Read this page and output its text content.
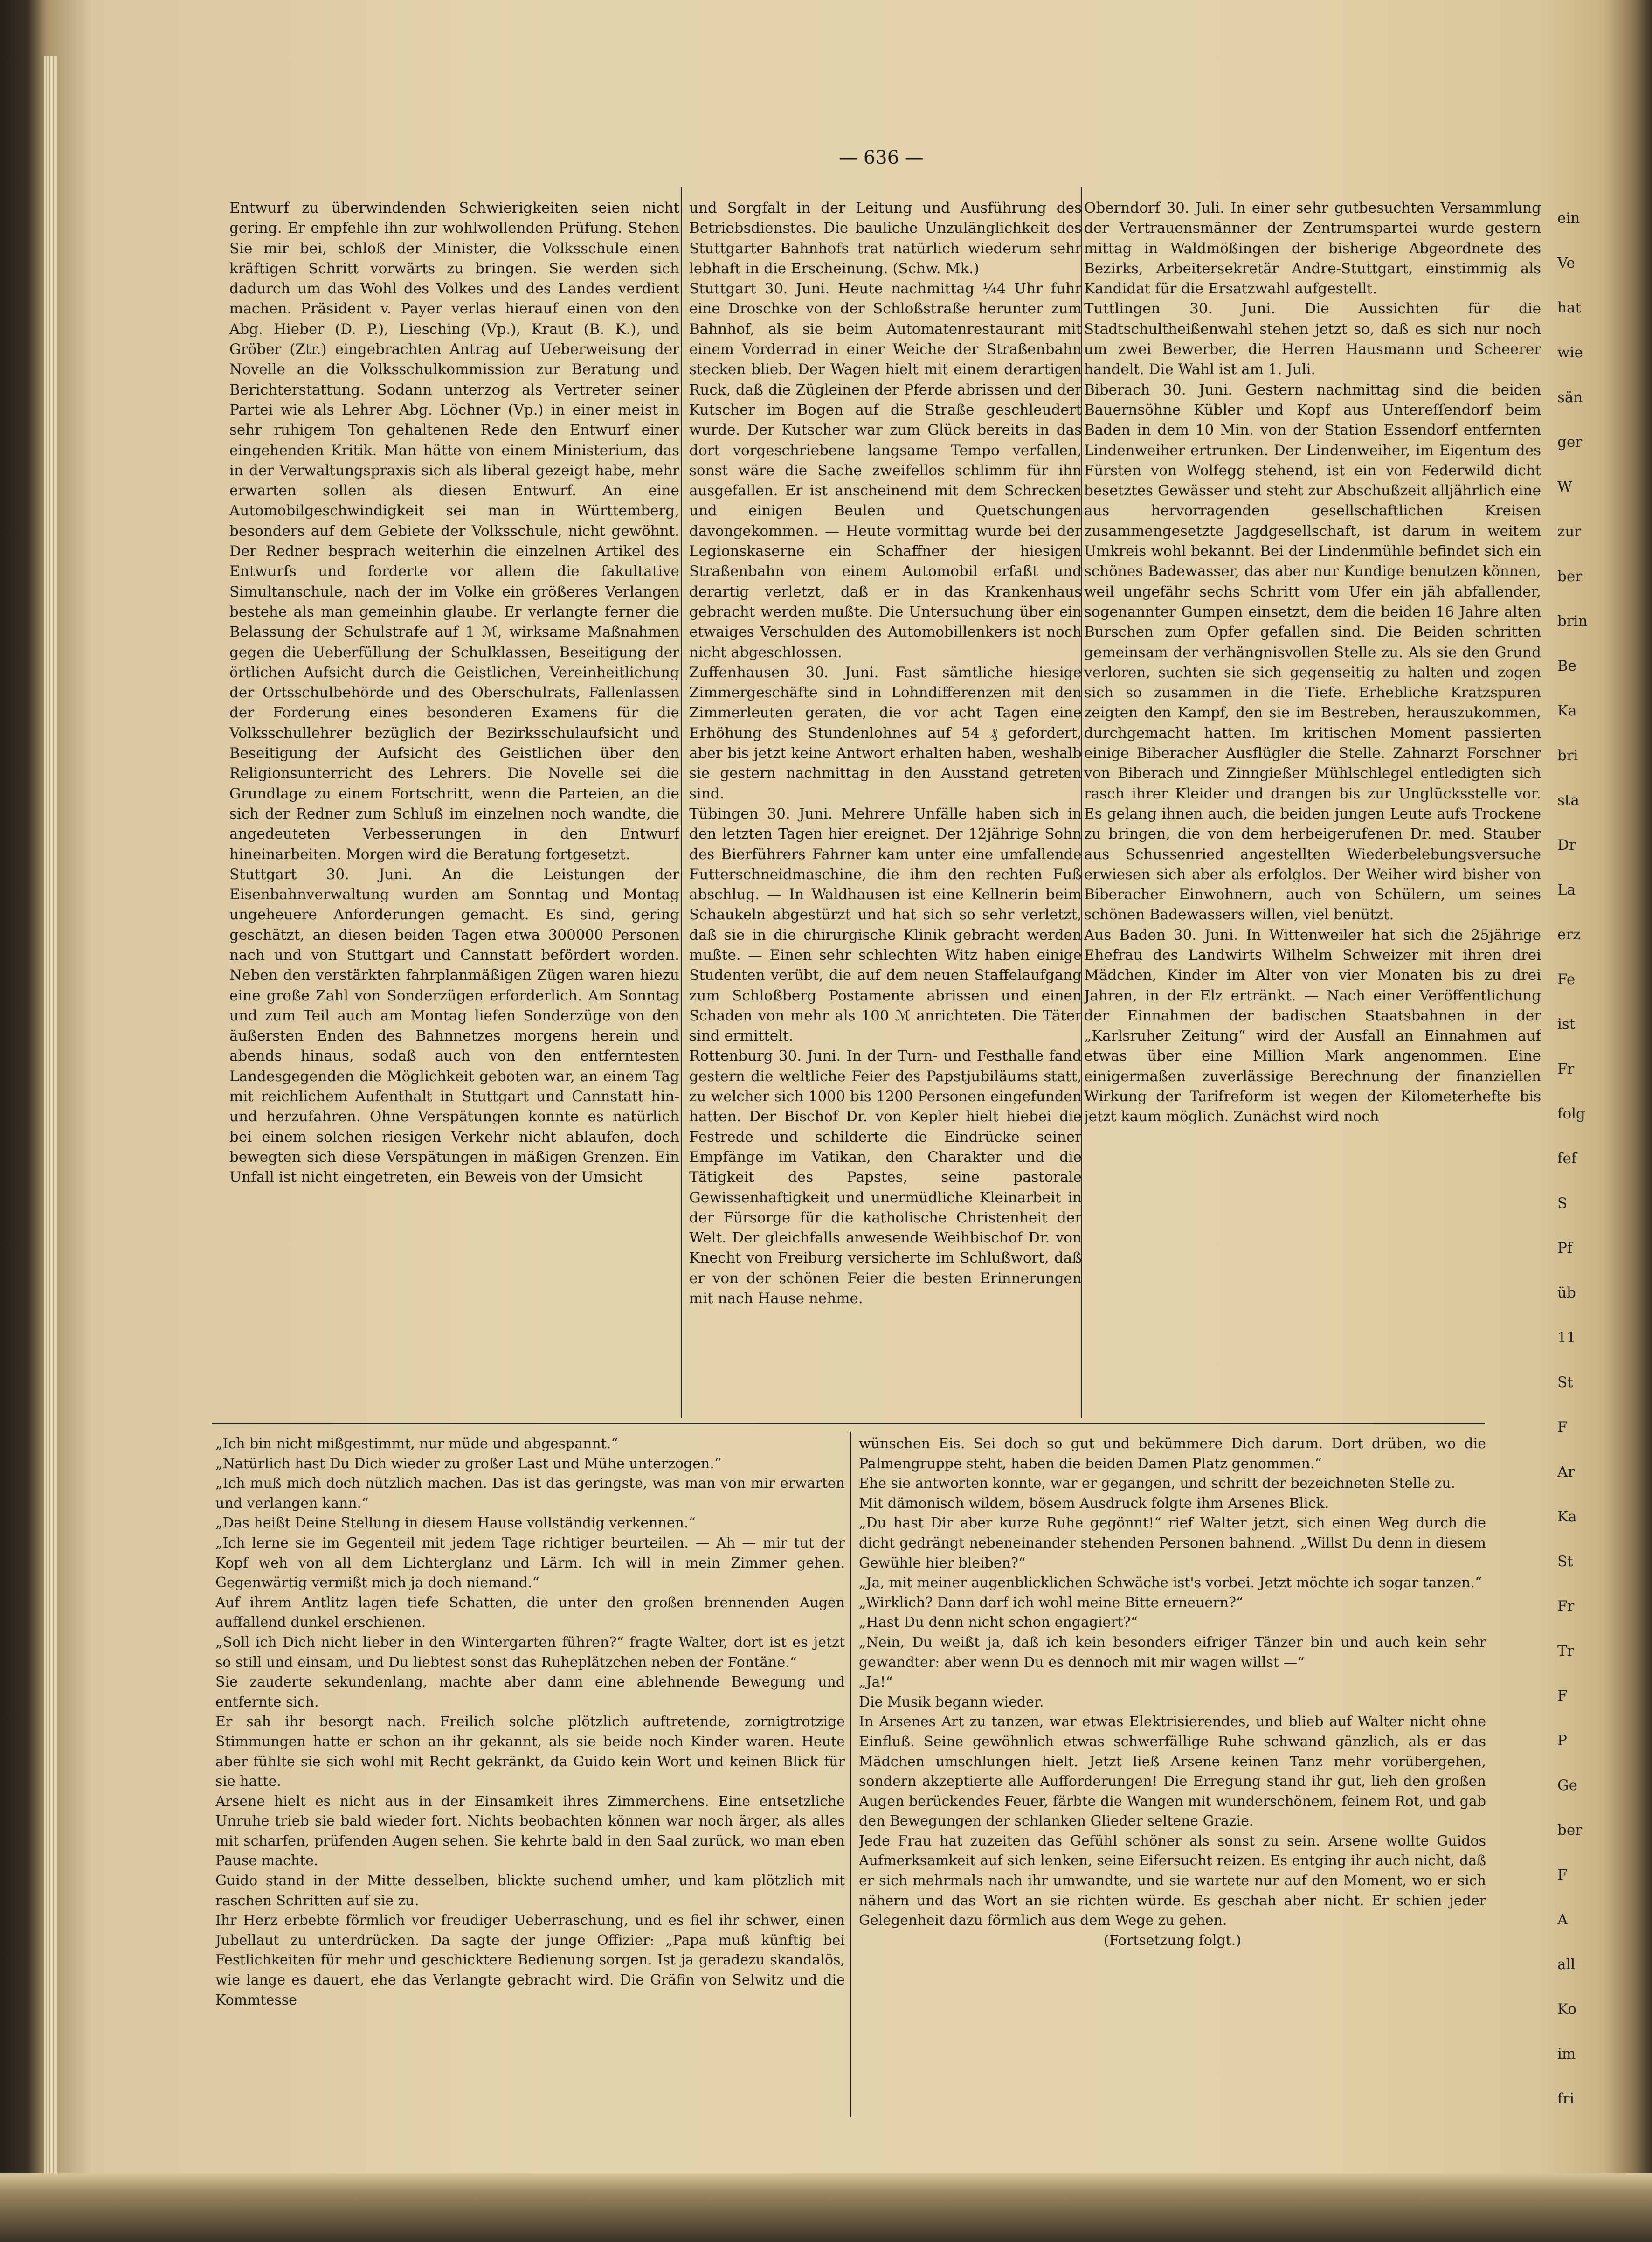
— 636 —

Entwurf zu überwindenden Schwierigkeiten seien nicht gering. Er empfehle ihn zur wohlwollenden Prüfung. Stehen Sie mir bei, schloß der Minister, die Volksschule einen kräftigen Schritt vorwärts zu bringen. Sie werden sich dadurch um das Wohl des Volkes und des Landes verdient machen. Präsident v. Payer verlas hierauf einen von den Abg. Hieber (D. P.), Liesching (Vp.), Kraut (B. K.), und Gröber (Ztr.) eingebrachten Antrag auf Ueberweisung der Novelle an die Volksschulkommission zur Beratung und Berichterstattung. Sodann unterzog als Vertreter seiner Partei wie als Lehrer Abg. Löchner (Vp.) in einer meist in sehr ruhigem Ton gehaltenen Rede den Entwurf einer eingehenden Kritik. Man hätte von einem Ministerium, das in der Verwaltungspraxis sich als liberal gezeigt habe, mehr erwarten sollen als diesen Entwurf. An eine Automobilgeschwindigkeit sei man in Württemberg, besonders auf dem Gebiete der Volksschule, nicht gewöhnt. Der Redner besprach weiterhin die einzelnen Artikel des Entwurfs und forderte vor allem die fakultative Simultanschule, nach der im Volke ein größeres Verlangen bestehe als man gemeinhin glaube. Er verlangte ferner die Belassung der Schulstrafe auf 1 ℳ, wirksame Maßnahmen gegen die Ueberfüllung der Schulklassen, Beseitigung der örtlichen Aufsicht durch die Geistlichen, Vereinheitlichung der Ortsschulbehörde und des Oberschulrats, Fallenlassen der Forderung eines besonderen Examens für die Volksschullehrer bezüglich der Bezirksschulaufsicht und Beseitigung der Aufsicht des Geistlichen über den Religionsunterricht des Lehrers. Die Novelle sei die Grundlage zu einem Fortschritt, wenn die Parteien, an die sich der Redner zum Schluß im einzelnen noch wandte, die angedeuteten Verbesserungen in den Entwurf hineinarbeiten. Morgen wird die Beratung fortgesetzt.

Stuttgart 30. Juni. An die Leistungen der Eisenbahnverwaltung wurden am Sonntag und Montag ungeheuere Anforderungen gemacht. Es sind, gering geschätzt, an diesen beiden Tagen etwa 300000 Personen nach und von Stuttgart und Cannstatt befördert worden. Neben den verstärkten fahrplanmäßigen Zügen waren hiezu eine große Zahl von Sonderzügen erforderlich. Am Sonntag und zum Teil auch am Montag liefen Sonderzüge von den äußersten Enden des Bahnnetzes morgens herein und abends hinaus, sodaß auch von den entferntesten Landesgegenden die Möglichkeit geboten war, an einem Tag mit reichlichem Aufenthalt in Stuttgart und Cannstatt hin- und herzufahren. Ohne Verspätungen konnte es natürlich bei einem solchen riesigen Verkehr nicht ablaufen, doch bewegten sich diese Verspätungen in mäßigen Grenzen. Ein Unfall ist nicht eingetreten, ein Beweis von der Umsicht

und Sorgfalt in der Leitung und Ausführung des Betriebsdienstes. Die bauliche Unzulänglichkeit des Stuttgarter Bahnhofs trat natürlich wiederum sehr lebhaft in die Erscheinung. (Schw. Mk.)

Stuttgart 30. Juni. Heute nachmittag ¼4 Uhr fuhr eine Droschke von der Schloßstraße herunter zum Bahnhof, als sie beim Automatenrestaurant mit einem Vorderrad in einer Weiche der Straßenbahn stecken blieb. Der Wagen hielt mit einem derartigen Ruck, daß die Zügleinen der Pferde abrissen und der Kutscher im Bogen auf die Straße geschleudert wurde. Der Kutscher war zum Glück bereits in das dort vorgeschriebene langsame Tempo verfallen, sonst wäre die Sache zweifellos schlimm für ihn ausgefallen. Er ist anscheinend mit dem Schrecken und einigen Beulen und Quetschungen davongekommen. — Heute vormittag wurde bei der Legionskaserne ein Schaffner der hiesigen Straßenbahn von einem Automobil erfaßt und derartig verletzt, daß er in das Krankenhaus gebracht werden mußte. Die Untersuchung über ein etwaiges Verschulden des Automobillenkers ist noch nicht abgeschlossen.

Zuffenhausen 30. Juni. Fast sämtliche hiesige Zimmergeschäfte sind in Lohndifferenzen mit den Zimmerleuten geraten, die vor acht Tagen eine Erhöhung des Stundenlohnes auf 54 ₰ gefordert, aber bis jetzt keine Antwort erhalten haben, weshalb sie gestern nachmittag in den Ausstand getreten sind.

Tübingen 30. Juni. Mehrere Unfälle haben sich in den letzten Tagen hier ereignet. Der 12jährige Sohn des Bierführers Fahrner kam unter eine umfallende Futterschneidmaschine, die ihm den rechten Fuß abschlug. — In Waldhausen ist eine Kellnerin beim Schaukeln abgestürzt und hat sich so sehr verletzt, daß sie in die chirurgische Klinik gebracht werden mußte. — Einen sehr schlechten Witz haben einige Studenten verübt, die auf dem neuen Staffelaufgang zum Schloßberg Postamente abrissen und einen Schaden von mehr als 100 ℳ anrichteten. Die Täter sind ermittelt.

Rottenburg 30. Juni. In der Turn- und Festhalle fand gestern die weltliche Feier des Papstjubiläums statt, zu welcher sich 1000 bis 1200 Personen eingefunden hatten. Der Bischof Dr. von Kepler hielt hiebei die Festrede und schilderte die Eindrücke seiner Empfänge im Vatikan, den Charakter und die Tätigkeit des Papstes, seine pastorale Gewissenhaftigkeit und unermüdliche Kleinarbeit in der Fürsorge für die katholische Christenheit der Welt. Der gleichfalls anwesende Weihbischof Dr. von Knecht von Freiburg versicherte im Schlußwort, daß er von der schönen Feier die besten Erinnerungen mit nach Hause nehme.

Oberndorf 30. Juli. In einer sehr gutbesuchten Versammlung der Vertrauensmänner der Zentrumspartei wurde gestern mittag in Waldmößingen der bisherige Abgeordnete des Bezirks, Arbeitersekretär Andre-Stuttgart, einstimmig als Kandidat für die Ersatzwahl aufgestellt.

Tuttlingen 30. Juni. Die Aussichten für die Stadtschultheißenwahl stehen jetzt so, daß es sich nur noch um zwei Bewerber, die Herren Hausmann und Scheerer handelt. Die Wahl ist am 1. Juli.

Biberach 30. Juni. Gestern nachmittag sind die beiden Bauernsöhne Kübler und Kopf aus Untereſſendorf beim Baden in dem 10 Min. von der Station Essendorf entfernten Lindenweiher ertrunken. Der Lindenweiher, im Eigentum des Fürsten von Wolfegg stehend, ist ein von Federwild dicht besetztes Gewässer und steht zur Abschußzeit alljährlich eine aus hervorragenden gesellschaftlichen Kreisen zusammengesetzte Jagdgesellschaft, ist darum in weitem Umkreis wohl bekannt. Bei der Lindenmühle befindet sich ein schönes Badewasser, das aber nur Kundige benutzen können, weil ungefähr sechs Schritt vom Ufer ein jäh abfallender, sogenannter Gumpen einsetzt, dem die beiden 16 Jahre alten Burschen zum Opfer gefallen sind. Die Beiden schritten gemeinsam der verhängnisvollen Stelle zu. Als sie den Grund verloren, suchten sie sich gegenseitig zu halten und zogen sich so zusammen in die Tiefe. Erhebliche Kratzspuren zeigten den Kampf, den sie im Bestreben, herauszukommen, durchgemacht hatten. Im kritischen Moment passierten einige Biberacher Ausflügler die Stelle. Zahnarzt Forschner von Biberach und Zinngießer Mühlschlegel entledigten sich rasch ihrer Kleider und drangen bis zur Unglücksstelle vor. Es gelang ihnen auch, die beiden jungen Leute aufs Trockene zu bringen, die von dem herbeigerufenen Dr. med. Stauber aus Schussenried angestellten Wiederbelebungsversuche erwiesen sich aber als erfolglos. Der Weiher wird bisher von Biberacher Einwohnern, auch von Schülern, um seines schönen Badewassers willen, viel benützt.

Aus Baden 30. Juni. In Wittenweiler hat sich die 25jährige Ehefrau des Landwirts Wilhelm Schweizer mit ihren drei Mädchen, Kinder im Alter von vier Monaten bis zu drei Jahren, in der Elz ertränkt. — Nach einer Veröffentlichung der Einnahmen der badischen Staatsbahnen in der „Karlsruher Zeitung“ wird der Ausfall an Einnahmen auf etwas über eine Million Mark angenommen. Eine einigermaßen zuverlässige Berechnung der finanziellen Wirkung der Tarifreform ist wegen der Kilometerhefte bis jetzt kaum möglich. Zunächst wird noch

„Ich bin nicht mißgestimmt, nur müde und abgespannt.“

„Natürlich hast Du Dich wieder zu großer Last und Mühe unterzogen.“

„Ich muß mich doch nützlich machen. Das ist das geringste, was man von mir erwarten und verlangen kann.“

„Das heißt Deine Stellung in diesem Hause vollständig verkennen.“

„Ich lerne sie im Gegenteil mit jedem Tage richtiger beurteilen. — Ah — mir tut der Kopf weh von all dem Lichterglanz und Lärm. Ich will in mein Zimmer gehen. Gegenwärtig vermißt mich ja doch niemand.“

Auf ihrem Antlitz lagen tiefe Schatten, die unter den großen brennenden Augen auffallend dunkel erschienen.

„Soll ich Dich nicht lieber in den Wintergarten führen?“ fragte Walter, dort ist es jetzt so still und einsam, und Du liebtest sonst das Ruheplätzchen neben der Fontäne.“

Sie zauderte sekundenlang, machte aber dann eine ablehnende Bewegung und entfernte sich.

Er sah ihr besorgt nach. Freilich solche plötzlich auftretende, zornigtrotzige Stimmungen hatte er schon an ihr gekannt, als sie beide noch Kinder waren. Heute aber fühlte sie sich wohl mit Recht gekränkt, da Guido kein Wort und keinen Blick für sie hatte.

Arsene hielt es nicht aus in der Einsamkeit ihres Zimmerchens. Eine entsetzliche Unruhe trieb sie bald wieder fort. Nichts beobachten können war noch ärger, als alles mit scharfen, prüfenden Augen sehen. Sie kehrte bald in den Saal zurück, wo man eben Pause machte.

Guido stand in der Mitte desselben, blickte suchend umher, und kam plötzlich mit raschen Schritten auf sie zu.

Ihr Herz erbebte förmlich vor freudiger Ueberraschung, und es fiel ihr schwer, einen Jubellaut zu unterdrücken. Da sagte der junge Offizier: „Papa muß künftig bei Festlichkeiten für mehr und geschicktere Bedienung sorgen. Ist ja geradezu skandalös, wie lange es dauert, ehe das Verlangte gebracht wird. Die Gräfin von Selwitz und die Kommtesse

wünschen Eis. Sei doch so gut und bekümmere Dich darum. Dort drüben, wo die Palmengruppe steht, haben die beiden Damen Platz genommen.“

Ehe sie antworten konnte, war er gegangen, und schritt der bezeichneten Stelle zu.

Mit dämonisch wildem, bösem Ausdruck folgte ihm Arsenes Blick.

„Du hast Dir aber kurze Ruhe gegönnt!“ rief Walter jetzt, sich einen Weg durch die dicht gedrängt nebeneinander stehenden Personen bahnend. „Willst Du denn in diesem Gewühle hier bleiben?“

„Ja, mit meiner augenblicklichen Schwäche ist's vorbei. Jetzt möchte ich sogar tanzen.“

„Wirklich? Dann darf ich wohl meine Bitte erneuern?“

„Hast Du denn nicht schon engagiert?“

„Nein, Du weißt ja, daß ich kein besonders eifriger Tänzer bin und auch kein sehr gewandter: aber wenn Du es dennoch mit mir wagen willst —“

„Ja!“

Die Musik begann wieder.

In Arsenes Art zu tanzen, war etwas Elektrisierendes, und blieb auf Walter nicht ohne Einfluß. Seine gewöhnlich etwas schwerfällige Ruhe schwand gänzlich, als er das Mädchen umschlungen hielt. Jetzt ließ Arsene keinen Tanz mehr vorübergehen, sondern akzeptierte alle Aufforderungen! Die Erregung stand ihr gut, lieh den großen Augen berückendes Feuer, färbte die Wangen mit wunderschönem, feinem Rot, und gab den Bewegungen der schlanken Glieder seltene Grazie.

Jede Frau hat zuzeiten das Gefühl schöner als sonst zu sein. Arsene wollte Guidos Aufmerksamkeit auf sich lenken, seine Eifersucht reizen. Es entging ihr auch nicht, daß er sich mehrmals nach ihr umwandte, und sie wartete nur auf den Moment, wo er sich nähern und das Wort an sie richten würde. Es geschah aber nicht. Er schien jeder Gelegenheit dazu förmlich aus dem Wege zu gehen.

(Fortsetzung folgt.)

ein
Ve
hat
wie
sän
ger
W
zur
ber
brin
Be
Ka
bri
sta
Dr
La
erz
Fe
ist
Fr
folg
fef
S
Pf
üb
11
St
F
Ar
Ka
St
Fr
Tr
F
P
Ge
ber
F
A
all
Ko
im
fri
